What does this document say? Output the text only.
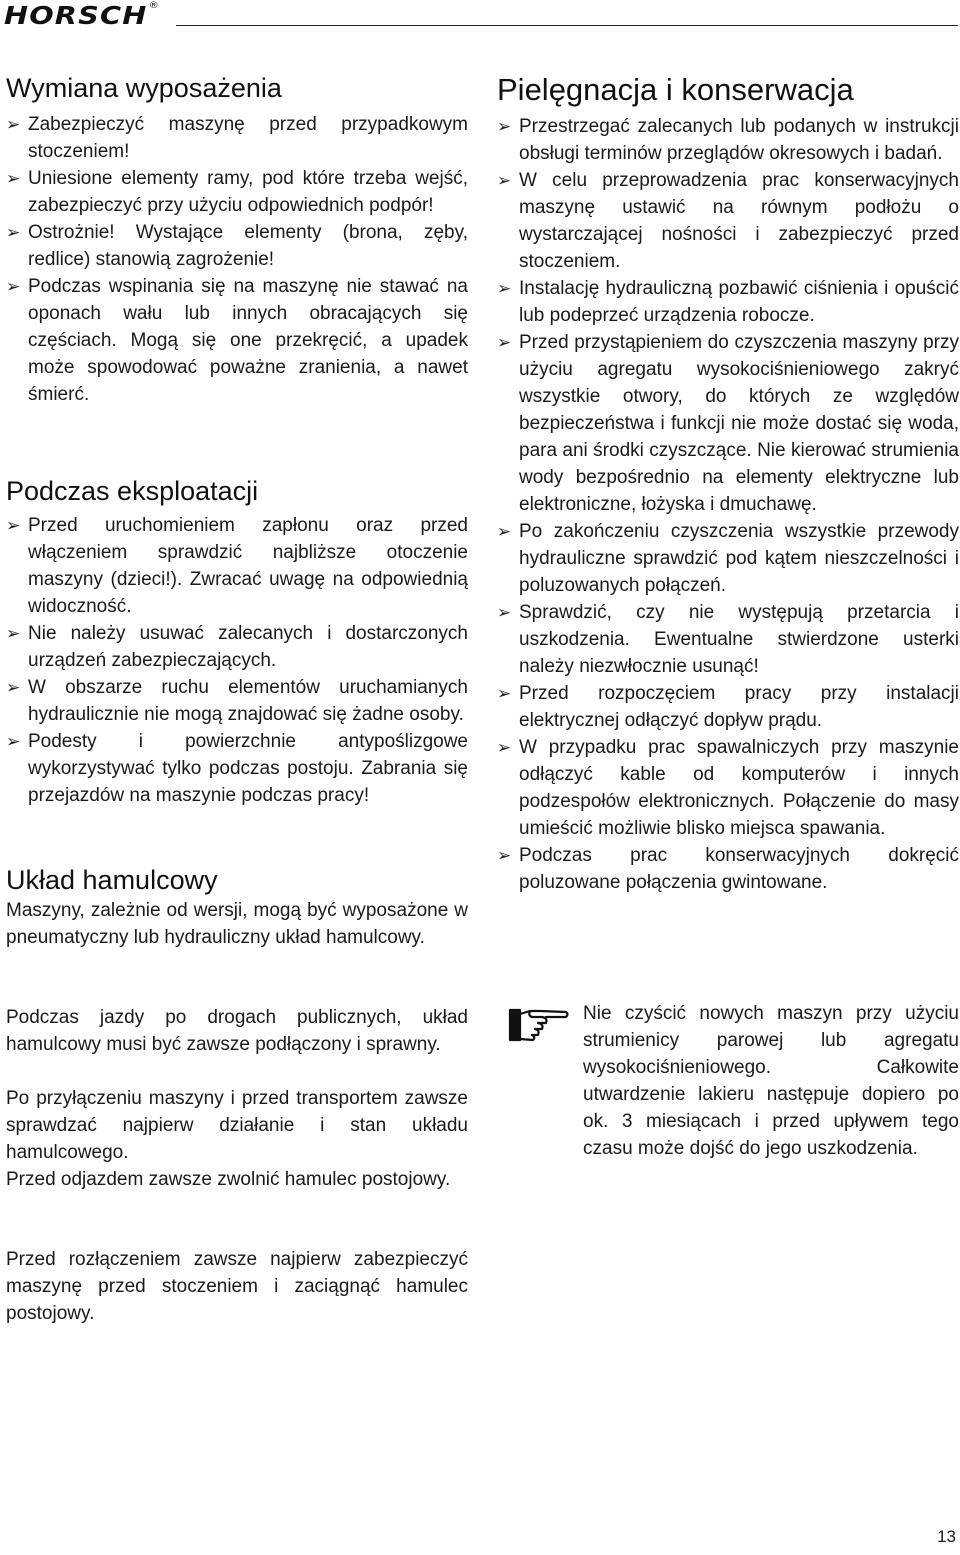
HORSCH®
Wymiana wyposażenia
➢ Zabezpieczyć maszynę przed przypadkowym stoczeniem!
➢ Uniesione elementy ramy, pod które trzeba wejść, zabezpieczyć przy użyciu odpowiednich podpór!
➢ Ostrożnie! Wystające elementy (brona, zęby, redlice) stanowią zagrożenie!
➢ Podczas wspinania się na maszynę nie stawać na oponach wału lub innych obracających się częściach. Mogą się one przekręcić, a upadek może spowodować poważne zranienia, a nawet śmierć.
Podczas eksploatacji
➢ Przed uruchomieniem zapłonu oraz przed włączeniem sprawdzić najbliższe otoczenie maszyny (dzieci!). Zwracać uwagę na odpowiednią widoczność.
➢ Nie należy usuwać zalecanych i dostarczonych urządzeń zabezpieczających.
➢ W obszarze ruchu elementów uruchamianych hydraulicznie nie mogą znajdować się żadne osoby.
➢ Podesty i powierzchnie antypoślizgowe wykorzystywać tylko podczas postoju. Zabrania się przejazdów na maszynie podczas pracy!
Układ hamulcowy

Maszyny, zależnie od wersji, mogą być wyposażone w pneumatyczny lub hydrauliczny układ hamulcowy.

Podczas jazdy po drogach publicznych, układ hamulcowy musi być zawsze podłączony i sprawny.

Po przyłączeniu maszyny i przed transportem zawsze sprawdzać najpierw działanie i stan układu hamulcowego.

Przed odjazdem zawsze zwolnić hamulec postojowy.

Przed rozłączeniem zawsze najpierw zabezpieczyć maszynę przed stoczeniem i zaciągnąć hamulec postojowy.

Pielęgnacja i konserwacja
➢ Przestrzegać zalecanych lub podanych w instrukcji obsługi terminów przeglądów okresowych i badań.
➢ W celu przeprowadzenia prac konserwacyjnych maszynę ustawić na równym podłożu o wystarczającej nośności i zabezpieczyć przed stoczeniem.
➢ Instalację hydrauliczną pozbawić ciśnienia i opuścić lub podeprzeć urządzenia robocze.
➢ Przed przystąpieniem do czyszczenia maszyny przy użyciu agregatu wysokociśnieniowego zakryć wszystkie otwory, do których ze względów bezpieczeństwa i funkcji nie może dostać się woda, para ani środki czyszczące. Nie kierować strumienia wody bezpośrednio na elementy elektryczne lub elektroniczne, łożyska i dmuchawę.
➢ Po zakończeniu czyszczenia wszystkie przewody hydrauliczne sprawdzić pod kątem nieszczelności i poluzowanych połączeń.
➢ Sprawdzić, czy nie występują przetarcia i uszkodzenia. Ewentualne stwierdzone usterki należy niezwłocznie usunąć!
➢ Przed rozpoczęciem pracy przy instalacji elektrycznej odłączyć dopływ prądu.
➢ W przypadku prac spawalniczych przy maszynie odłączyć kable od komputerów i innych podzespołów elektronicznych. Połączenie do masy umieścić możliwie blisko miejsca spawania.
➢ Podczas prac konserwacyjnych dokręcić poluzowane połączenia gwintowane.

Nie czyścić nowych maszyn przy użyciu strumienicy parowej lub agregatu wysokociśnieniowego. Całkowite utwardzenie lakieru następuje dopiero po ok. 3 miesiącach i przed upływem tego czasu może dojść do jego uszkodzenia.

13
